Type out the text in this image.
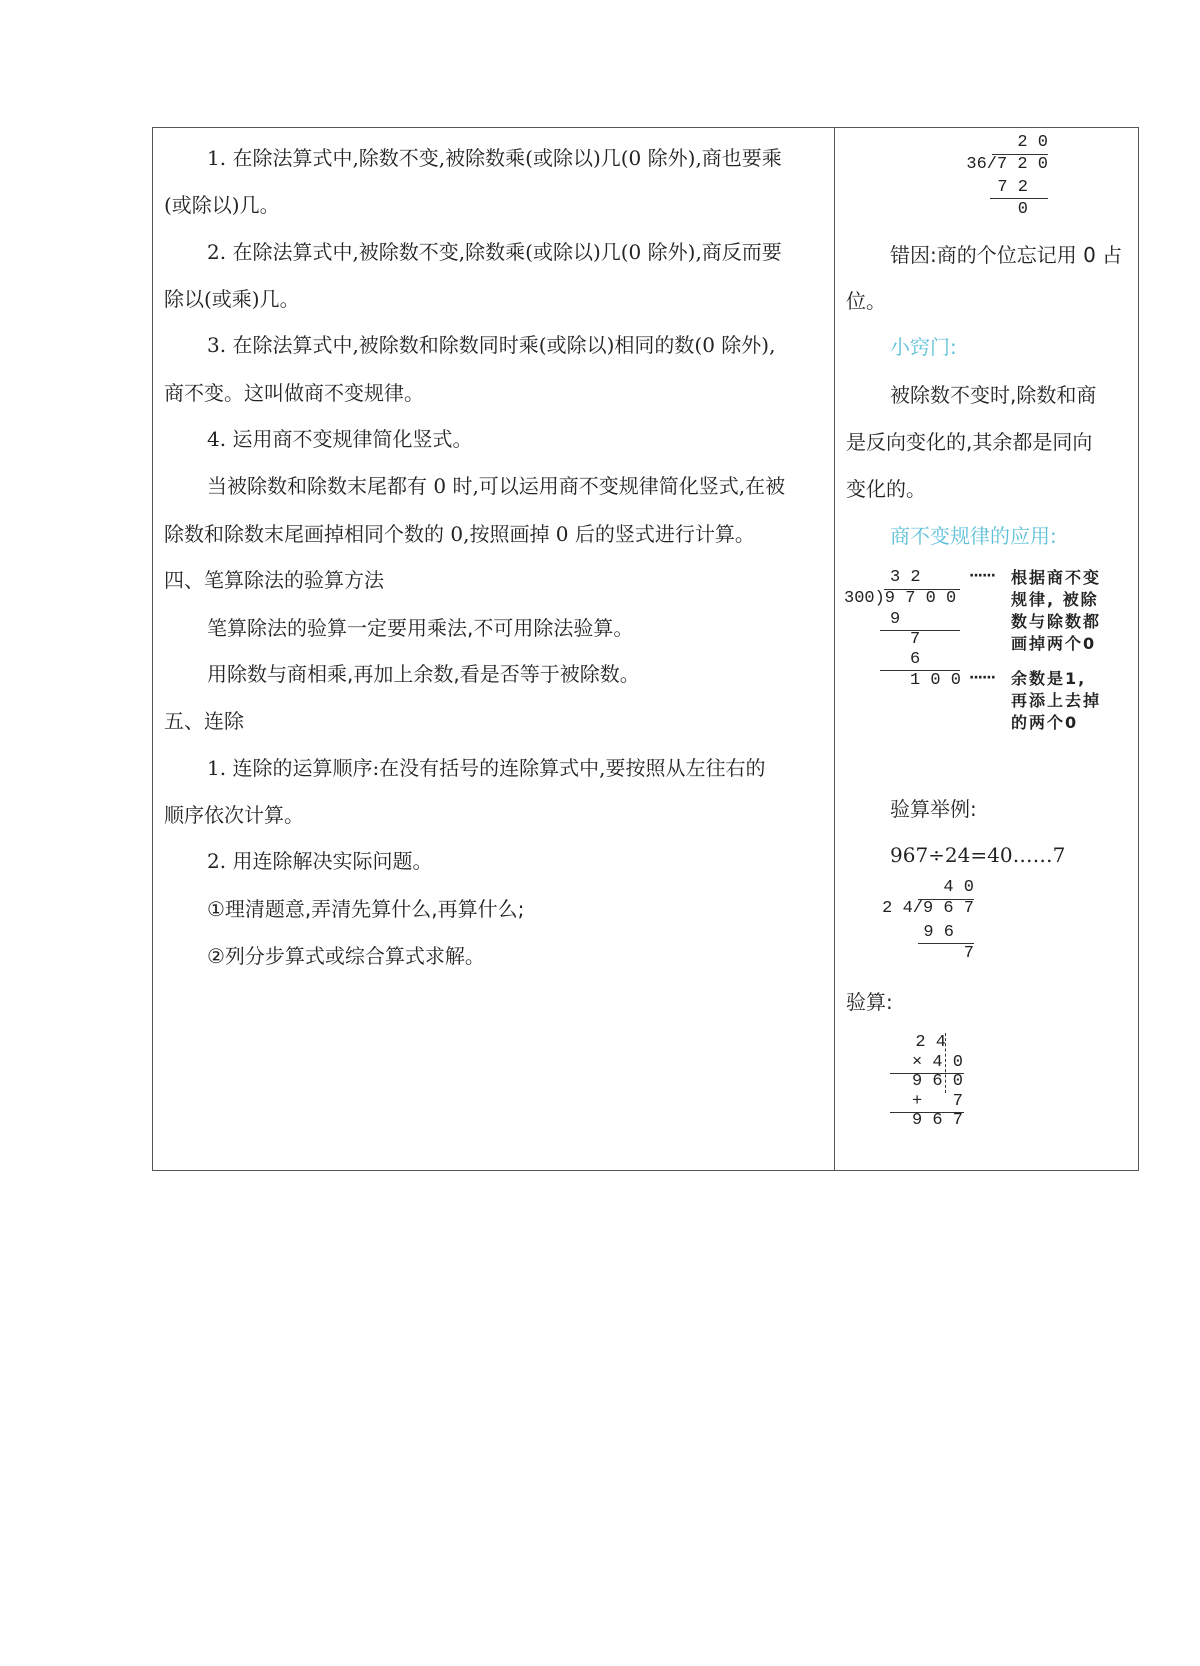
1. 在除法算式中,除数不变,被除数乘(或除以)几(0 除外),商也要乘
(或除以)几。
2. 在除法算式中,被除数不变,除数乘(或除以)几(0 除外),商反而要
除以(或乘)几。
3. 在除法算式中,被除数和除数同时乘(或除以)相同的数(0 除外),
商不变。这叫做商不变规律。
4. 运用商不变规律简化竖式。
当被除数和除数末尾都有 0 时,可以运用商不变规律简化竖式,在被
除数和除数末尾画掉相同个数的 0,按照画掉 0 后的竖式进行计算。
四、笔算除法的验算方法
笔算除法的验算一定要用乘法,不可用除法验算。
用除数与商相乘,再加上余数,看是否等于被除数。
五、连除
1. 连除的运算顺序:在没有括号的连除算式中,要按照从左往右的
顺序依次计算。
2. 用连除解决实际问题。
①理清题意,弄清先算什么,再算什么;
②列分步算式或综合算式求解。
2 0
36/7 2 0
7 2
0
错因:商的个位忘记用 0 占
位。
小窍门:
被除数不变时,除数和商
是反向变化的,其余都是同向
变化的。
商不变规律的应用:
3 2
300)9 7 0 0
9
7
6
1 0 0
······ 根据商不变
规律, 被除
数与除数都
画掉两个0
······ 余数是1,
再添上去掉
的两个0
验算举例:
967÷24=40……7
4 0
2 4/9 6 7
9 6
7
验算:
2 4
× 4 0
9 6 0
+   7
9 6 7
